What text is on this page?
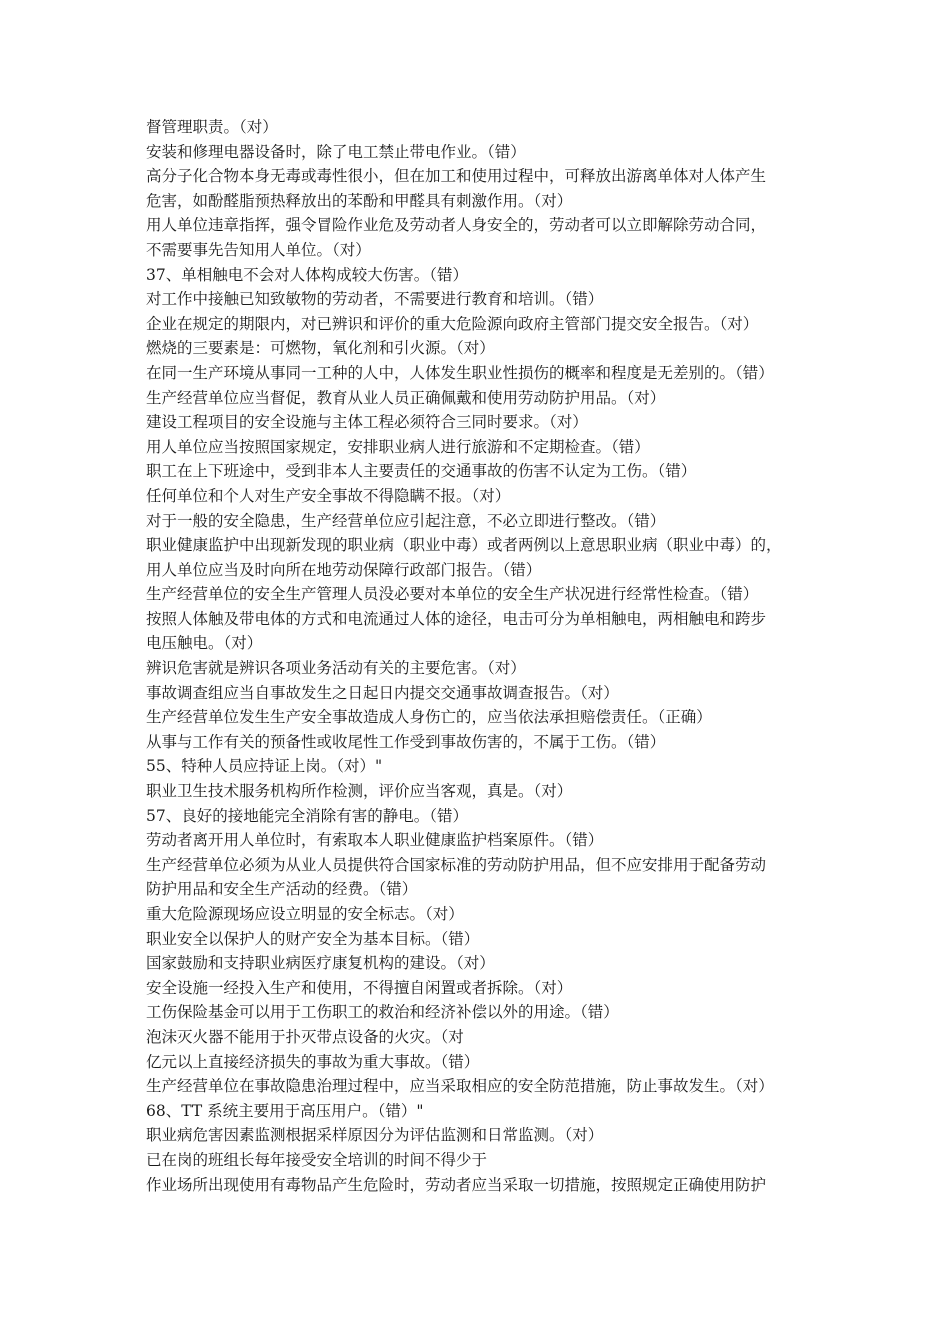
督管理职责。（对）
安装和修理电器设备时，除了电工禁止带电作业。（错）
高分子化合物本身无毒或毒性很小，但在加工和使用过程中，可释放出游离单体对人体产生
危害，如酚醛脂预热释放出的苯酚和甲醛具有刺激作用。（对）
用人单位违章指挥，强令冒险作业危及劳动者人身安全的，劳动者可以立即解除劳动合同，
不需要事先告知用人单位。（对）
37、单相触电不会对人体构成较大伤害。（错）
对工作中接触已知致敏物的劳动者，不需要进行教育和培训。（错）
企业在规定的期限内，对已辨识和评价的重大危险源向政府主管部门提交安全报告。（对）
燃烧的三要素是：可燃物，氧化剂和引火源。（对）
在同一生产环境从事同一工种的人中，人体发生职业性损伤的概率和程度是无差别的。（错）
生产经营单位应当督促，教育从业人员正确佩戴和使用劳动防护用品。（对）
建设工程项目的安全设施与主体工程必须符合三同时要求。（对）
用人单位应当按照国家规定，安排职业病人进行旅游和不定期检查。（错）
职工在上下班途中，受到非本人主要责任的交通事故的伤害不认定为工伤。（错）
任何单位和个人对生产安全事故不得隐瞒不报。（对）
对于一般的安全隐患，生产经营单位应引起注意，不必立即进行整改。（错）
职业健康监护中出现新发现的职业病（职业中毒）或者两例以上意思职业病（职业中毒）的，
用人单位应当及时向所在地劳动保障行政部门报告。（错）
生产经营单位的安全生产管理人员没必要对本单位的安全生产状况进行经常性检查。（错）
按照人体触及带电体的方式和电流通过人体的途径，电击可分为单相触电，两相触电和跨步
电压触电。（对）
辨识危害就是辨识各项业务活动有关的主要危害。（对）
事故调查组应当自事故发生之日起日内提交交通事故调查报告。（对）
生产经营单位发生生产安全事故造成人身伤亡的，应当依法承担赔偿责任。（正确）
从事与工作有关的预备性或收尾性工作受到事故伤害的，不属于工伤。（错）
55、特种人员应持证上岗。（对）"
职业卫生技术服务机构所作检测，评价应当客观，真是。（对）
57、良好的接地能完全消除有害的静电。（错）
劳动者离开用人单位时，有索取本人职业健康监护档案原件。（错）
生产经营单位必须为从业人员提供符合国家标准的劳动防护用品，但不应安排用于配备劳动
防护用品和安全生产活动的经费。（错）
重大危险源现场应设立明显的安全标志。（对）
职业安全以保护人的财产安全为基本目标。（错）
国家鼓励和支持职业病医疗康复机构的建设。（对）
安全设施一经投入生产和使用，不得擅自闲置或者拆除。（对）
工伤保险基金可以用于工伤职工的救治和经济补偿以外的用途。（错）
泡沫灭火器不能用于扑灭带点设备的火灾。（对
亿元以上直接经济损失的事故为重大事故。（错）
生产经营单位在事故隐患治理过程中，应当采取相应的安全防范措施，防止事故发生。（对）
68、TT 系统主要用于高压用户。（错）"
职业病危害因素监测根据采样原因分为评估监测和日常监测。（对）
已在岗的班组长每年接受安全培训的时间不得少于
作业场所出现使用有毒物品产生危险时，劳动者应当采取一切措施，按照规定正确使用防护
